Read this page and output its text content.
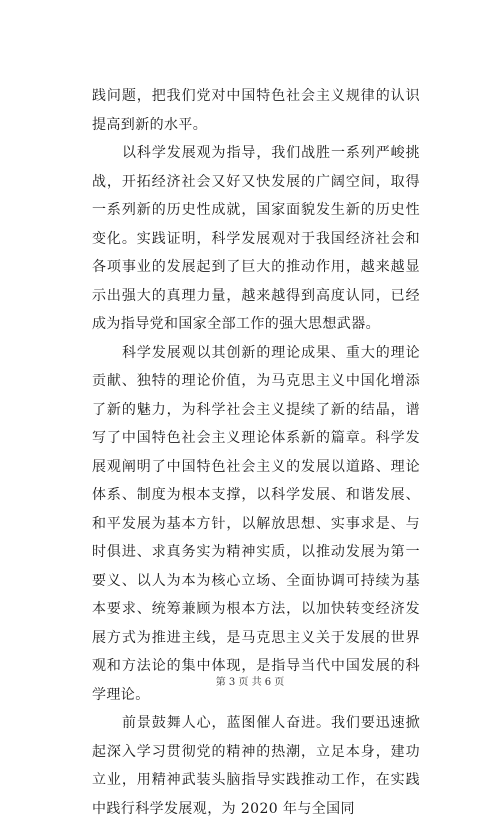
践问题，把我们党对中国特色社会主义规律的认识提高到新的水平。

以科学发展观为指导，我们战胜一系列严峻挑战，开拓经济社会又好又快发展的广阔空间，取得一系列新的历史性成就，国家面貌发生新的历史性变化。实践证明，科学发展观对于我国经济社会和各项事业的发展起到了巨大的推动作用，越来越显示出强大的真理力量，越来越得到高度认同，已经成为指导党和国家全部工作的强大思想武器。

科学发展观以其创新的理论成果、重大的理论贡献、独特的理论价值，为马克思主义中国化增添了新的魅力，为科学社会主义提续了新的结晶，谱写了中国特色社会主义理论体系新的篇章。科学发展观阐明了中国特色社会主义的发展以道路、理论体系、制度为根本支撑，以科学发展、和谐发展、和平发展为基本方针，以解放思想、实事求是、与时俱进、求真务实为精神实质，以推动发展为第一要义、以人为本为核心立场、全面协调可持续为基本要求、统筹兼顾为根本方法，以加快转变经济发展方式为推进主线，是马克思主义关于发展的世界观和方法论的集中体现，是指导当代中国发展的科学理论。

前景鼓舞人心，蓝图催人奋进。我们要迅速掀起深入学习贯彻党的精神的热潮，立足本身，建功立业，用精神武装头脑指导实践推动工作，在实践中践行科学发展观，为 2020 年与全国同

第 3 页 共 6 页
